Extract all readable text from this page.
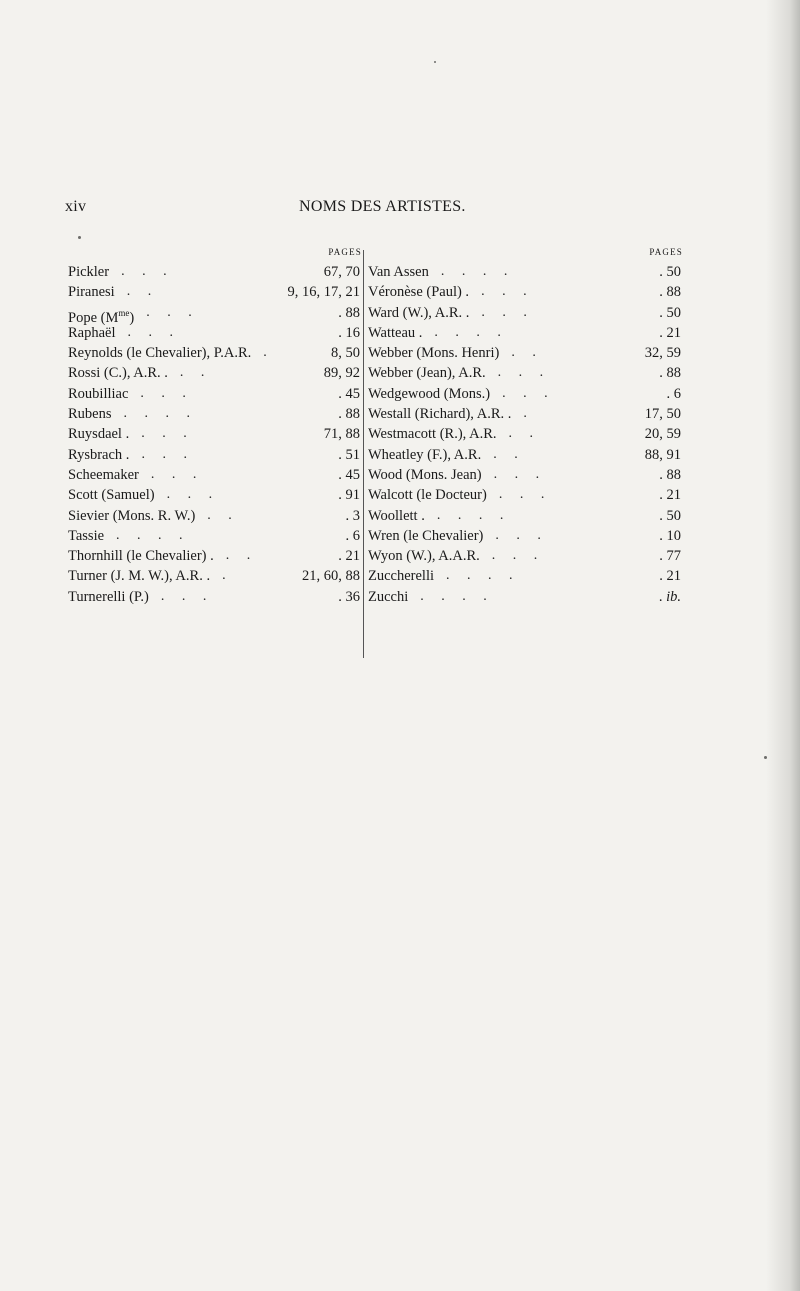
xiv	NOMS DES ARTISTES.
PAGES
Pickler .     .     .	67, 70
Piranesi .     .	9, 16, 17, 21
Pope $(M^{me})$ .     .     .	. 88
Raphaël .     .     .	. 16
Reynolds (le Chevalier), P.A.R. .	8, 50
Rossi (C.), A.R. . .     .	89, 92
Roubilliac .     .     .	. 45
Rubens .     .     .     .	. 88
Ruysdael . .     .     .	71, 88
Rysbrach . .     .     .	. 51
Scheemaker .     .     .	. 45
Scott (Samuel) .     .     .	. 91
Sievier (Mons. R. W.) .     .	. 3
Tassie .     .     .     .	. 6
Thornhill (le Chevalier) . .     .	. 21
Turner (J. M. W.), A.R. . .	21, 60, 88
Turnerelli (P.) .     .     .	. 36
PAGES
Van Assen .     .     .     .	. 50
Véronèse (Paul) . .     .     .	. 88
Ward (W.), A.R. . .     .     .	. 50
Watteau . .     .     .     .	. 21
Webber (Mons. Henri) .     .	32, 59
Webber (Jean), A.R. .     .     .	. 88
Wedgewood (Mons.) .     .     .	. 6
Westall (Richard), A.R. . .	17, 50
Westmacott (R.), A.R. .     .	20, 59
Wheatley (F.), A.R. .     .	88, 91
Wood (Mons. Jean) .     .     .	. 88
Walcott (le Docteur) .     .     .	. 21
Woollett . .     .     .     .	. 50
Wren (le Chevalier) .     .     .	. 10
Wyon (W.), A.A.R. .     .     .	. 77
Zuccherelli .     .     .     .	. 21
Zucchi .     .     .     .	. ib.
